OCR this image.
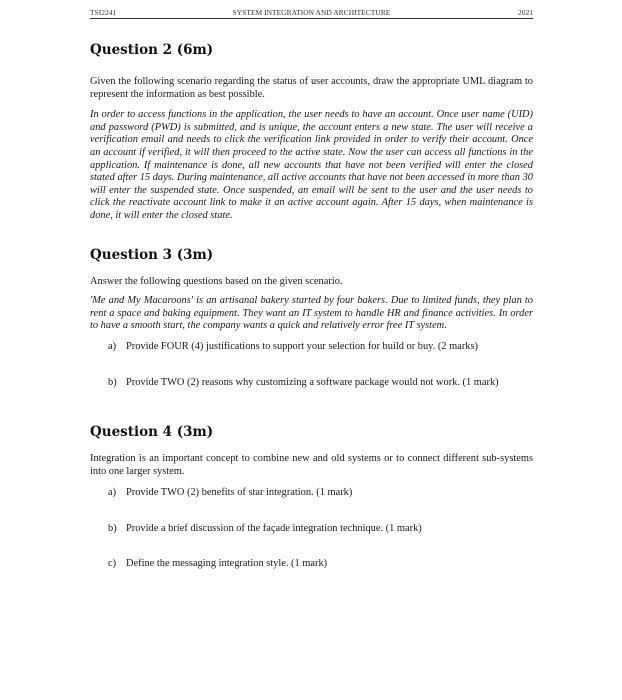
TSI2241	SYSTEM INTEGRATION AND ARCHITECTURE	2021
Question 2 (6m)

Given the following scenario regarding the status of user accounts, draw the appropriate UML diagram to represent the information as best possible.

In order to access functions in the application, the user needs to have an account. Once user name (UID) and password (PWD) is submitted, and is unique, the account enters a new state. The user will receive a verification email and needs to click the verification link provided in order to verify their account. Once an account if verified, it will then proceed to the active state. Now the user can access all functions in the application. If maintenance is done, all new accounts that have not been verified will enter the closed stated after 15 days. During maintenance, all active accounts that have not been accessed in more than 30 will enter the suspended state. Once suspended, an email will be sent to the user and the user needs to click the reactivate account link to make it an active account again. After 15 days, when maintenance is done, it will enter the closed state.

Question 3 (3m)

Answer the following questions based on the given scenario.

'Me and My Macaroons' is an artisanal bakery started by four bakers. Due to limited funds, they plan to rent a space and baking equipment. They want an IT system to handle HR and finance activities. In order to have a smooth start, the company wants a quick and relatively error free IT system.

a) Provide FOUR (4) justifications to support your selection for build or buy. (2 marks)
b) Provide TWO (2) reasons why customizing a software package would not work. (1 mark)
Question 4 (3m)

Integration is an important concept to combine new and old systems or to connect different sub-systems into one larger system.

a) Provide TWO (2) benefits of star integration. (1 mark)
b) Provide a brief discussion of the façade integration technique. (1 mark)
c) Define the messaging integration style. (1 mark)
